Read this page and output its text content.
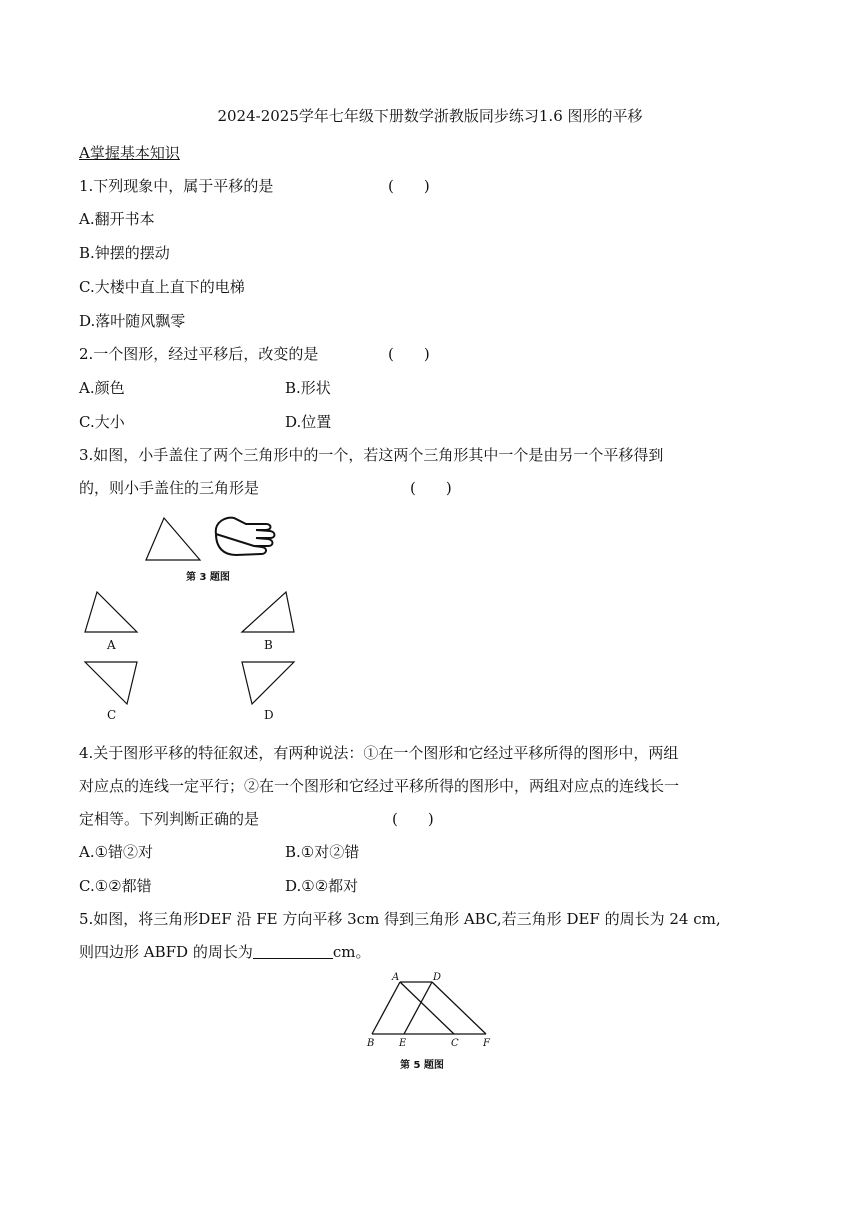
2024-2025学年七年级下册数学浙教版同步练习1.6 图形的平移
A掌握基本知识
1.下列现象中，属于平移的是	(　　)
A.翻开书本
B.钟摆的摆动
C.大楼中直上直下的电梯
D.落叶随风飘零
2.一个图形，经过平移后，改变的是	(　　)
A.颜色	B.形状
C.大小	D.位置
3.如图，小手盖住了两个三角形中的一个，若这两个三角形其中一个是由另一个平移得到
的，则小手盖住的三角形是	(　　)
第 3 题图
A	B
C	D
4.关于图形平移的特征叙述，有两种说法：①在一个图形和它经过平移所得的图形中，两组
对应点的连线一定平行；②在一个图形和它经过平移所得的图形中，两组对应点的连线长一
定相等。下列判断正确的是	(　　)
A.①错②对	B.①对②错
C.①②都错	D.①②都对
5.如图，将三角形DEF 沿 FE 方向平移 3cm 得到三角形 ABC,若三角形 DEF 的周长为 24 cm,
则四边形 ABFD 的周长为	cm。
A	D
B E	C F
第 5 题图
